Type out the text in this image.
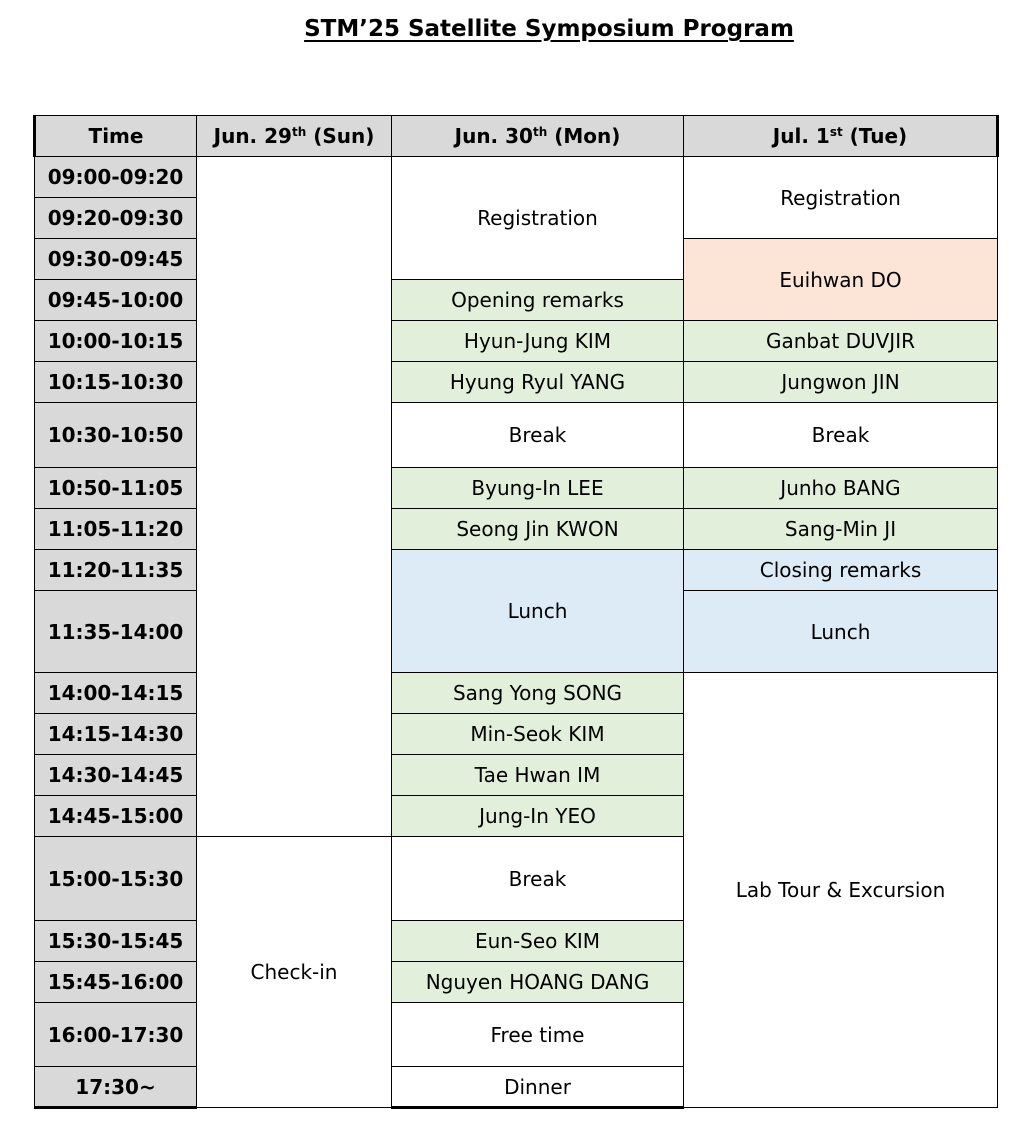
STM’25 Satellite Symposium Program
Time	Jun. 29th (Sun)	Jun. 30th (Mon)	Jul. 1st (Tue)
09:00-09:20		Registration	Registration
09:20-09:30			
09:30-09:45			Euihwan DO
09:45-10:00		Opening remarks	
10:00-10:15		Hyun-Jung KIM	Ganbat DUVJIR
10:15-10:30		Hyung Ryul YANG	Jungwon JIN
10:30-10:50		Break	Break
10:50-11:05		Byung-In LEE	Junho BANG
11:05-11:20		Seong Jin KWON	Sang-Min JI
11:20-11:35		Lunch	Closing remarks
11:35-14:00			Lunch
14:00-14:15		Sang Yong SONG	Lab Tour & Excursion
14:15-14:30		Min-Seok KIM	
14:30-14:45		Tae Hwan IM	
14:45-15:00		Jung-In YEO	
15:00-15:30	Check-in	Break	
15:30-15:45		Eun-Seo KIM	
15:45-16:00		Nguyen HOANG DANG	
16:00-17:30		Free time	
17:30~		Dinner	
